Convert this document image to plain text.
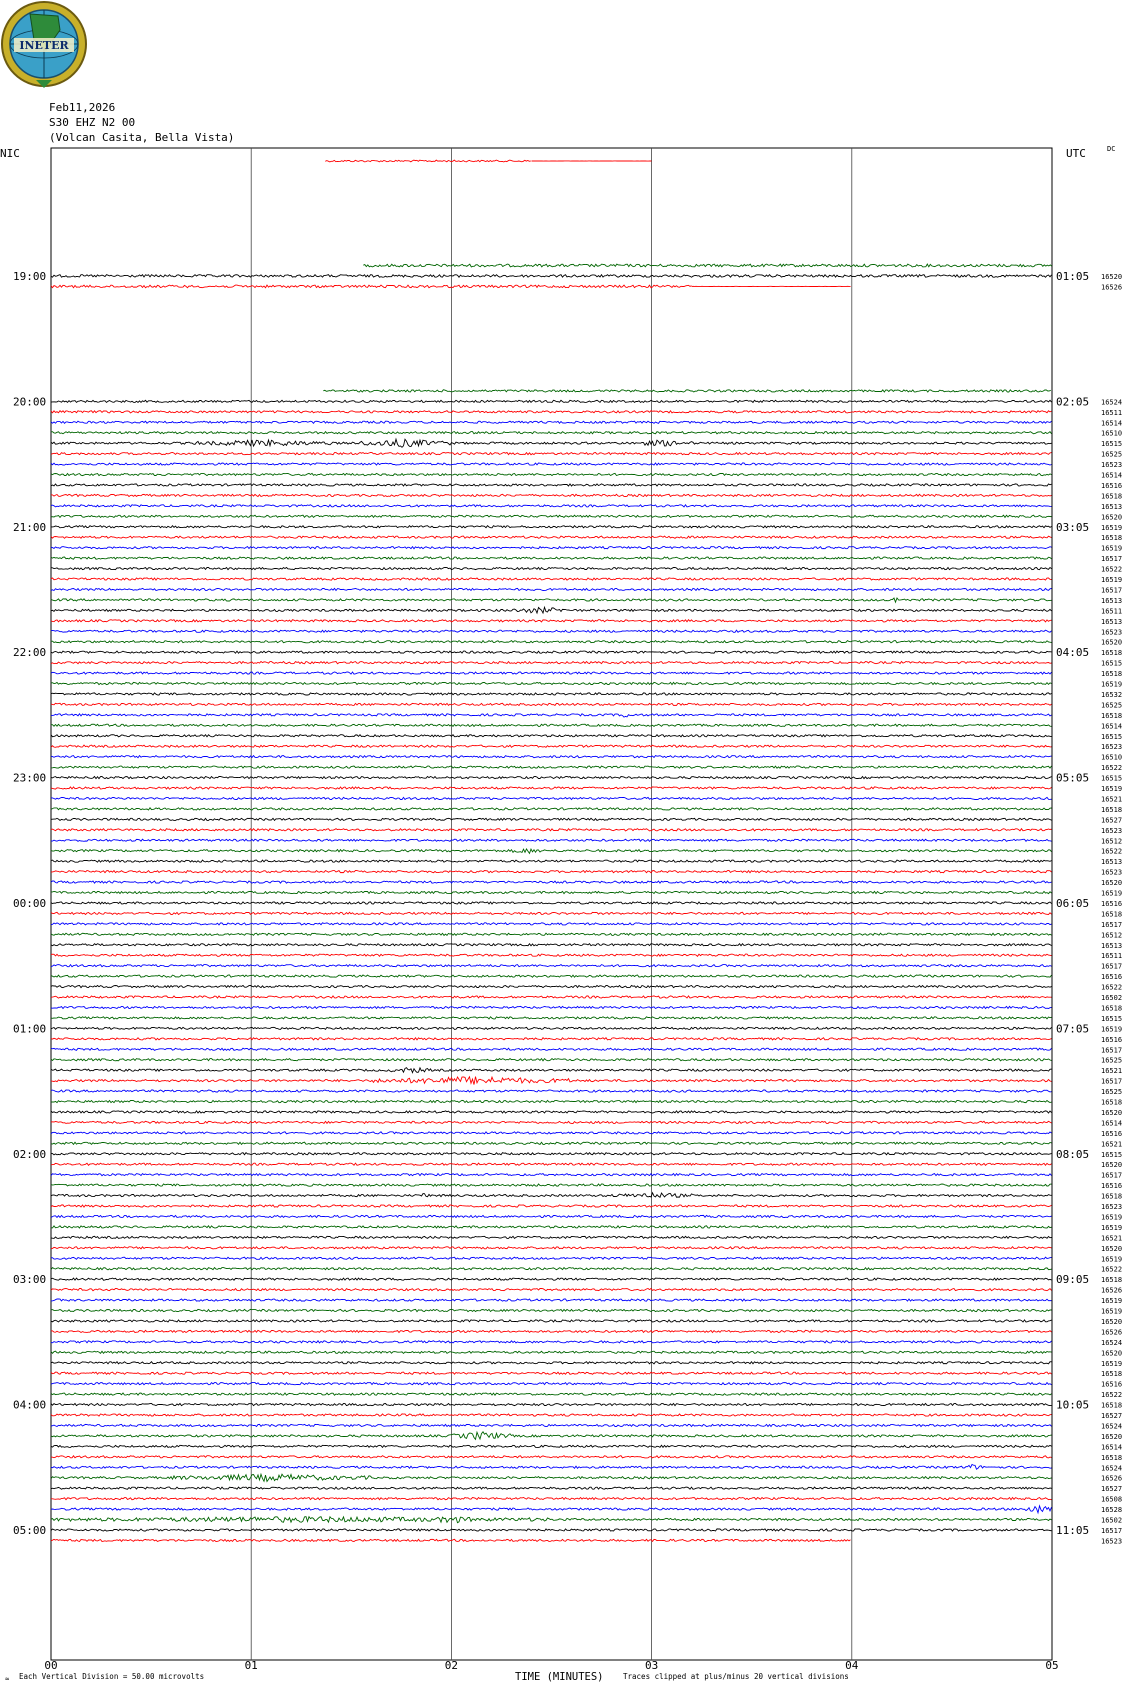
INETER
Feb11,2026
S30 EHZ N2 00
(Volcan Casita, Bella Vista)
NIC	UTC	DC
19:00
20:00
21:00
22:00
23:00
00:00
01:00
02:00
03:00
04:00
05:00
01:05
02:05
03:05
04:05
05:05
06:05
07:05
08:05
09:05
10:05
11:05
16520
16526
16524
16511
16514
16510
16515
16525
16523
16514
16516
16518
16513
16520
16519
16518
16519
16517
16522
16519
16517
16513
16511
16513
16523
16520
16518
16515
16518
16519
16532
16525
16518
16514
16515
16523
16510
16522
16515
16519
16521
16518
16527
16523
16512
16522
16513
16523
16520
16519
16516
16518
16517
16512
16513
16511
16517
16516
16522
16502
16518
16515
16519
16516
16517
16525
16521
16517
16525
16518
16520
16514
16516
16521
16515
16520
16517
16516
16518
16523
16519
16519
16521
16520
16519
16522
16518
16526
16519
16519
16520
16526
16524
16520
16519
16518
16516
16522
16518
16527
16524
16520
16514
16518
16524
16526
16527
16508
16528
16502
16517
16523
00	01	02	03	04	05
≈ Each Vertical Division = 50.00 microvolts	TIME (MINUTES)	Traces clipped at plus/minus 20 vertical divisions
